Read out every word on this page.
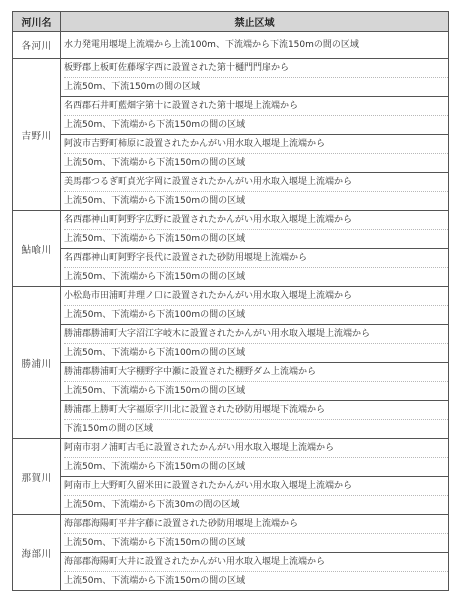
河川名	禁止区域
各河川	水力発電用堰堤上流端から上流100m、下流端から下流150mの間の区域

吉野川	板野郡上板町佐藤塚字西に設置された第十樋門門扉から
上流50m、下流150mの間の区域

	名西郡石井町藍畑字第十に設置された第十堰堤上流端から
上流50m、下流端から下流150mの間の区域

	阿波市吉野町柿原に設置されたかんがい用水取入堰堤上流端から
上流50m、下流端から下流150mの間の区域

	美馬郡つるぎ町貞光字岡に設置されたかんがい用水取入堰堤上流端から
上流50m、下流端から下流150mの間の区域

鮎喰川	名西郡神山町阿野字広野に設置されたかんがい用水取入堰堤上流端から
上流50m、下流端から下流150mの間の区域

	名西郡神山町阿野字長代に設置された砂防用堰堤上流端から
上流50m、下流端から下流150mの間の区域

勝浦川	小松島市田浦町井理ノ口に設置されたかんがい用水取入堰堤上流端から
上流50m、下流端から下流100mの間の区域

	勝浦郡勝浦町大字沼江字岐木に設置されたかんがい用水取入堰堤上流端から
上流50m、下流端から下流100mの間の区域

	勝浦郡勝浦町大字棚野字中瀬に設置された棚野ダム上流端から
上流50m、下流端から下流150mの間の区域

	勝浦郡上勝町大字福原字川北に設置された砂防用堰堤下流端から
下流150mの間の区域

那賀川	阿南市羽ノ浦町古毛に設置されたかんがい用水取入堰堤上流端から
上流50m、下流端から下流150mの間の区域

	阿南市上大野町久留米田に設置されたかんがい用水取入堰堤上流端から
上流50m、下流端から下流30mの間の区域

海部川	海部郡海陽町平井字藤に設置された砂防用堰堤上流端から
上流50m、下流端から下流150mの間の区域

	海部郡海陽町大井に設置されたかんがい用水取入堰堤上流端から
上流50m、下流端から下流150mの間の区域
